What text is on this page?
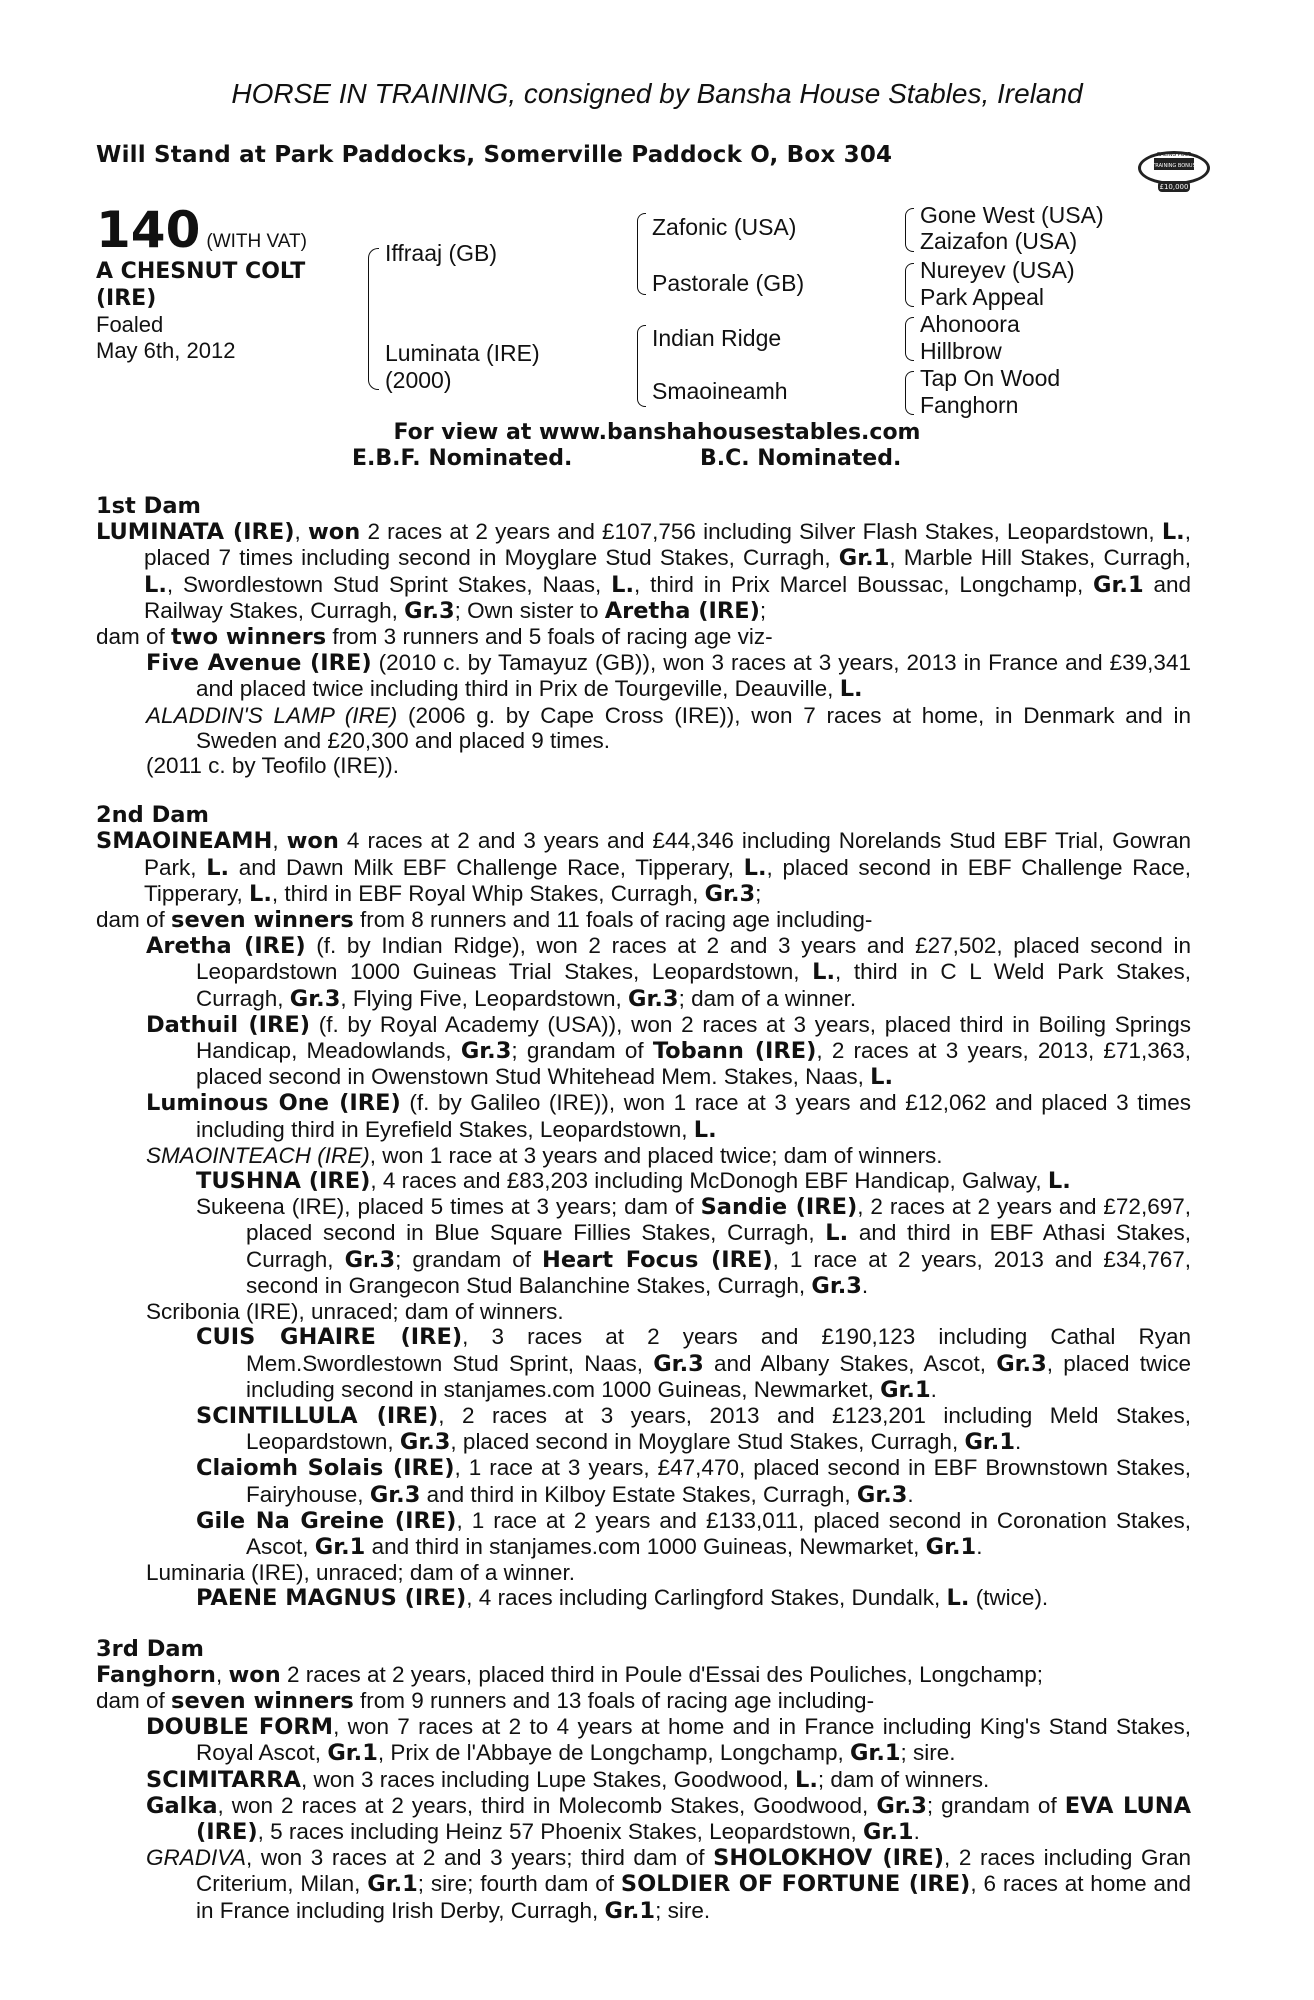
HORSE IN TRAINING, consigned by Bansha House Stables, Ireland
Will Stand at Park Paddocks, Somerville Paddock O, Box 304	RACING POST
TRAINING BONUS
£10,000
140 (WITH VAT)
A CHESNUT COLT
(IRE)
Foaled
May 6th, 2012
Iffraaj (GB)
Luminata (IRE)
(2000)
Zafonic (USA)
Pastorale (GB)
Indian Ridge
Smaoineamh
Gone West (USA)
Zaizafon (USA)
Nureyev (USA)
Park Appeal
Ahonoora
Hillbrow
Tap On Wood
Fanghorn
For view at www.banshahousestables.com
E.B.F. Nominated.	B.C. Nominated.
1st Dam

LUMINATA (IRE), won 2 races at 2 years and £107,756 including Silver Flash Stakes, Leopardstown, L., placed 7 times including second in Moyglare Stud Stakes, Curragh, Gr.1, Marble Hill Stakes, Curragh, L., Swordlestown Stud Sprint Stakes, Naas, L., third in Prix Marcel Boussac, Longchamp, Gr.1 and Railway Stakes, Curragh, Gr.3; Own sister to Aretha (IRE);

dam of two winners from 3 runners and 5 foals of racing age viz-

Five Avenue (IRE) (2010 c. by Tamayuz (GB)), won 3 races at 3 years, 2013 in France and £39,341 and placed twice including third in Prix de Tourgeville, Deauville, L.

ALADDIN'S LAMP (IRE) (2006 g. by Cape Cross (IRE)), won 7 races at home, in Denmark and in Sweden and £20,300 and placed 9 times.

(2011 c. by Teofilo (IRE)).

2nd Dam

SMAOINEAMH, won 4 races at 2 and 3 years and £44,346 including Norelands Stud EBF Trial, Gowran Park, L. and Dawn Milk EBF Challenge Race, Tipperary, L., placed second in EBF Challenge Race, Tipperary, L., third in EBF Royal Whip Stakes, Curragh, Gr.3;

dam of seven winners from 8 runners and 11 foals of racing age including-

Aretha (IRE) (f. by Indian Ridge), won 2 races at 2 and 3 years and £27,502, placed second in Leopardstown 1000 Guineas Trial Stakes, Leopardstown, L., third in C L Weld Park Stakes, Curragh, Gr.3, Flying Five, Leopardstown, Gr.3; dam of a winner.

Dathuil (IRE) (f. by Royal Academy (USA)), won 2 races at 3 years, placed third in Boiling Springs Handicap, Meadowlands, Gr.3; grandam of Tobann (IRE), 2 races at 3 years, 2013, £71,363, placed second in Owenstown Stud Whitehead Mem. Stakes, Naas, L.

Luminous One (IRE) (f. by Galileo (IRE)), won 1 race at 3 years and £12,062 and placed 3 times including third in Eyrefield Stakes, Leopardstown, L.

SMAOINTEACH (IRE), won 1 race at 3 years and placed twice; dam of winners.

TUSHNA (IRE), 4 races and £83,203 including McDonogh EBF Handicap, Galway, L.

Sukeena (IRE), placed 5 times at 3 years; dam of Sandie (IRE), 2 races at 2 years and £72,697, placed second in Blue Square Fillies Stakes, Curragh, L. and third in EBF Athasi Stakes, Curragh, Gr.3; grandam of Heart Focus (IRE), 1 race at 2 years, 2013 and £34,767, second in Grangecon Stud Balanchine Stakes, Curragh, Gr.3.

Scribonia (IRE), unraced; dam of winners.

CUIS GHAIRE (IRE), 3 races at 2 years and £190,123 including Cathal Ryan Mem.Swordlestown Stud Sprint, Naas, Gr.3 and Albany Stakes, Ascot, Gr.3, placed twice including second in stanjames.com 1000 Guineas, Newmarket, Gr.1.

SCINTILLULA (IRE), 2 races at 3 years, 2013 and £123,201 including Meld Stakes, Leopardstown, Gr.3, placed second in Moyglare Stud Stakes, Curragh, Gr.1.

Claiomh Solais (IRE), 1 race at 3 years, £47,470, placed second in EBF Brownstown Stakes, Fairyhouse, Gr.3 and third in Kilboy Estate Stakes, Curragh, Gr.3.

Gile Na Greine (IRE), 1 race at 2 years and £133,011, placed second in Coronation Stakes, Ascot, Gr.1 and third in stanjames.com 1000 Guineas, Newmarket, Gr.1.

Luminaria (IRE), unraced; dam of a winner.

PAENE MAGNUS (IRE), 4 races including Carlingford Stakes, Dundalk, L. (twice).

3rd Dam

Fanghorn, won 2 races at 2 years, placed third in Poule d'Essai des Pouliches, Longchamp;

dam of seven winners from 9 runners and 13 foals of racing age including-

DOUBLE FORM, won 7 races at 2 to 4 years at home and in France including King's Stand Stakes, Royal Ascot, Gr.1, Prix de l'Abbaye de Longchamp, Longchamp, Gr.1; sire.

SCIMITARRA, won 3 races including Lupe Stakes, Goodwood, L.; dam of winners.

Galka, won 2 races at 2 years, third in Molecomb Stakes, Goodwood, Gr.3; grandam of EVA LUNA (IRE), 5 races including Heinz 57 Phoenix Stakes, Leopardstown, Gr.1.

GRADIVA, won 3 races at 2 and 3 years; third dam of SHOLOKHOV (IRE), 2 races including Gran Criterium, Milan, Gr.1; sire; fourth dam of SOLDIER OF FORTUNE (IRE), 6 races at home and in France including Irish Derby, Curragh, Gr.1; sire.
